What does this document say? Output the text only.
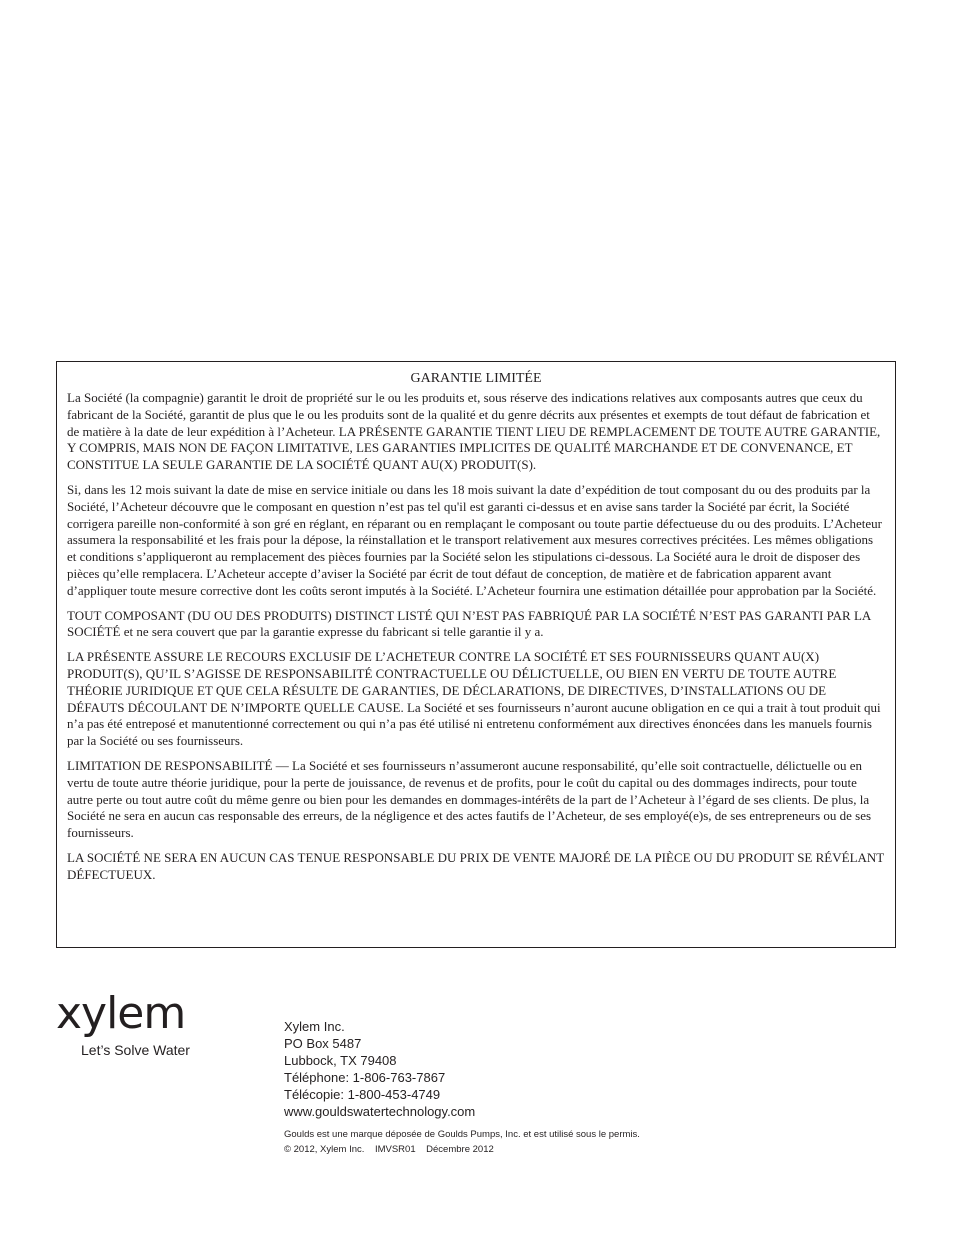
GARANTIE LIMITÉE

La Société (la compagnie) garantit le droit de propriété sur le ou les produits et, sous réserve des indications relatives aux composants autres que ceux du fabricant de la Société, garantit de plus que le ou les produits sont de la qualité et du genre décrits aux présentes et exempts de tout défaut de fabrication et de matière à la date de leur expédition à l’Acheteur. LA PRÉSENTE GARANTIE TIENT LIEU DE REMPLACEMENT DE TOUTE AUTRE GARANTIE, Y COMPRIS, MAIS NON DE FAÇON LIMITATIVE, LES GARANTIES IMPLICITES DE QUALITÉ MARCHANDE ET DE CONVENANCE, ET CONSTITUE LA SEULE GARANTIE DE LA SOCIÉTÉ QUANT AU(X) PRODUIT(S).

Si, dans les 12 mois suivant la date de mise en service initiale ou dans les 18 mois suivant la date d’expédition de tout composant du ou des produits par la Société, l’Acheteur découvre que le composant en question n’est pas tel qu'il est garanti ci-dessus et en avise sans tarder la Société par écrit, la Société corrigera pareille non-conformité à son gré en réglant, en réparant ou en remplaçant le composant ou toute partie défectueuse du ou des produits. L’Acheteur assumera la responsabilité et les frais pour la dépose, la réinstallation et le transport relativement aux mesures correctives précitées. Les mêmes obligations et conditions s’appliqueront au remplacement des pièces fournies par la Société selon les stipulations ci-dessous. La Société aura le droit de disposer des pièces qu’elle remplacera. L’Acheteur accepte d’aviser la Société par écrit de tout défaut de conception, de matière et de fabrication apparent avant d’appliquer toute mesure corrective dont les coûts seront imputés à la Société. L’Acheteur fournira une estimation détaillée pour approbation par la Société.

TOUT COMPOSANT (DU OU DES PRODUITS) DISTINCT LISTÉ QUI N’EST PAS FABRIQUÉ PAR LA SOCIÉTÉ N’EST PAS GARANTI PAR LA SOCIÉTÉ et ne sera couvert que par la garantie expresse du fabricant si telle garantie il y a.

LA PRÉSENTE ASSURE LE RECOURS EXCLUSIF DE L’ACHETEUR CONTRE LA SOCIÉTÉ ET SES FOURNISSEURS QUANT AU(X) PRODUIT(S), QU’IL S’AGISSE DE RESPONSABILITÉ CONTRACTUELLE OU DÉLICTUELLE, OU BIEN EN VERTU DE TOUTE AUTRE THÉORIE JURIDIQUE ET QUE CELA RÉSULTE DE GARANTIES, DE DÉCLARATIONS, DE DIRECTIVES, D’INSTALLATIONS OU DE DÉFAUTS DÉCOULANT DE N’IMPORTE QUELLE CAUSE. La Société et ses fournisseurs n’auront aucune obligation en ce qui a trait à tout produit qui n’a pas été entreposé et manutentionné correctement ou qui n’a pas été utilisé ni entretenu conformément aux directives énoncées dans les manuels fournis par la Société ou ses fournisseurs.

LIMITATION DE RESPONSABILITÉ — La Société et ses fournisseurs n’assumeront aucune responsabilité, qu’elle soit contractuelle, délictuelle ou en vertu de toute autre théorie juridique, pour la perte de jouissance, de revenus et de profits, pour le coût du capital ou des dommages indirects, pour toute autre perte ou tout autre coût du même genre ou bien pour les demandes en dommages-intérêts de la part de l’Acheteur à l’égard de ses clients. De plus, la Société ne sera en aucun cas responsable des erreurs, de la négligence et des actes fautifs de l’Acheteur, de ses employé(e)s, de ses entrepreneurs ou de ses fournisseurs.

LA SOCIÉTÉ NE SERA EN AUCUN CAS TENUE RESPONSABLE DU PRIX DE VENTE MAJORÉ DE LA PIÈCE OU DU PRODUIT SE RÉVÉLANT DÉFECTUEUX.

xylem
Let’s Solve Water
Xylem Inc.
PO Box 5487
Lubbock, TX 79408
Téléphone: 1-806-763-7867
Télécopie: 1-800-453-4749
www.gouldswatertechnology.com
Goulds est une marque déposée de Goulds Pumps, Inc. et est utilisé sous le permis.
© 2012, Xylem Inc.    IMVSR01    Décembre 2012
